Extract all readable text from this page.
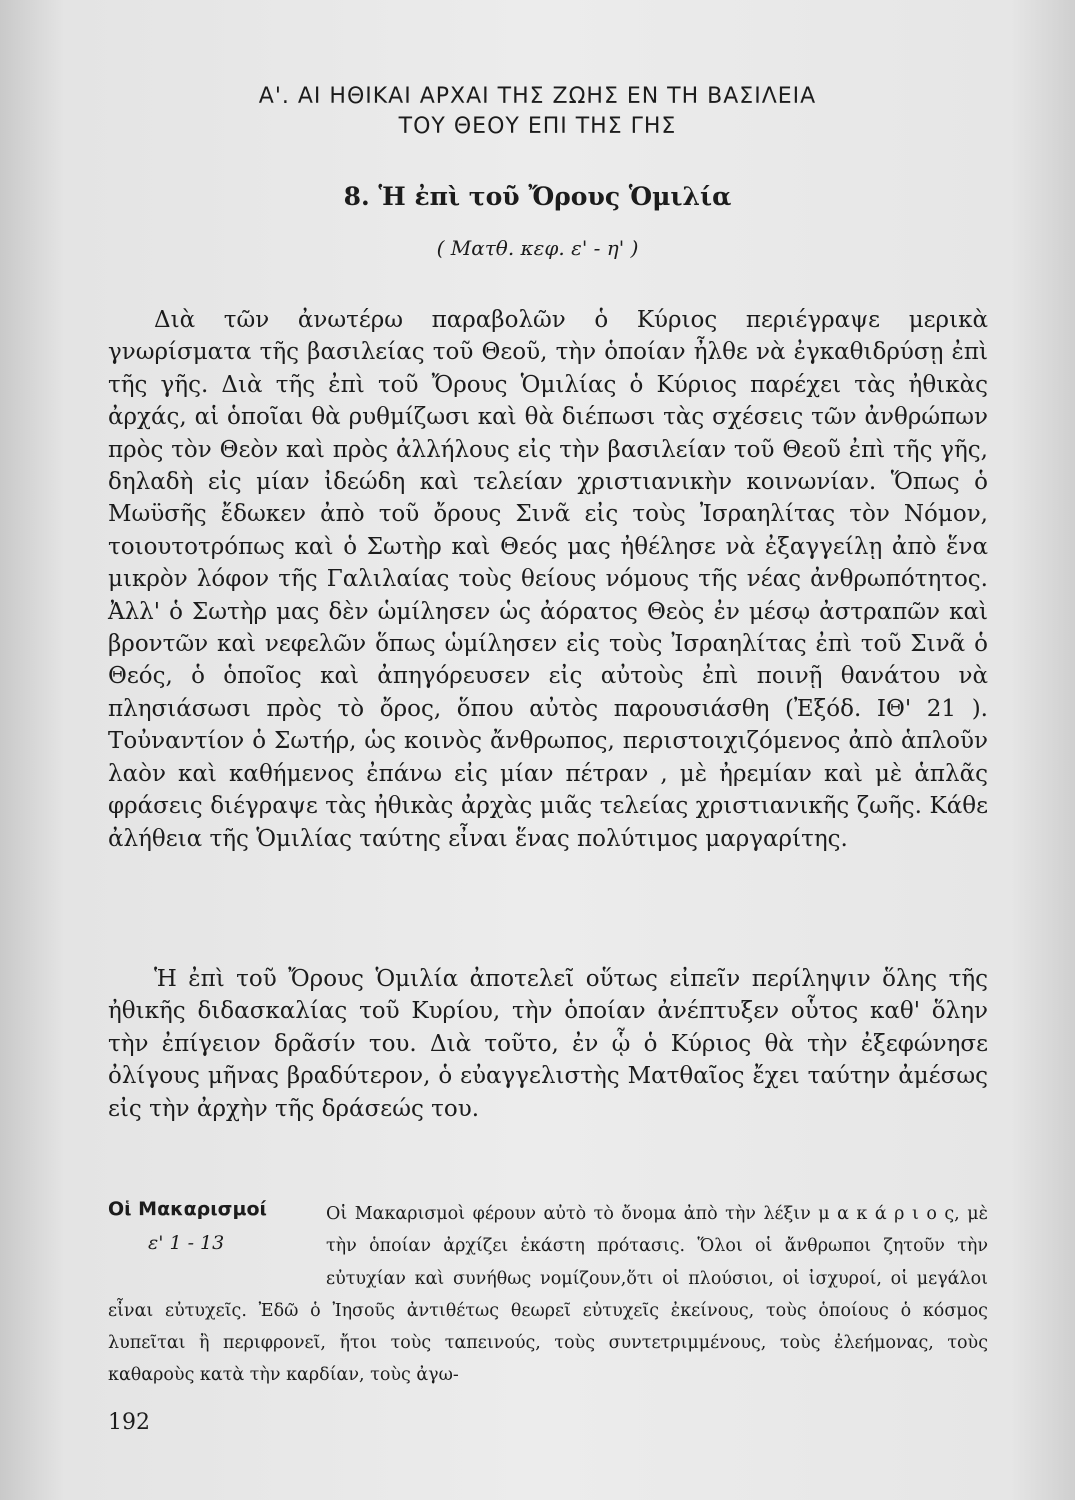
Α'. ΑΙ ΗΘΙΚΑΙ ΑΡΧΑΙ ΤΗΣ ΖΩΗΣ ΕΝ ΤΗ ΒΑΣΙΛΕΙΑ
ΤΟΥ ΘΕΟΥ ΕΠΙ ΤΗΣ ΓΗΣ
8. Ἡ ἐπὶ τοῦ Ὄρους Ὁμιλία
( Ματθ. κεφ. ε' - η' )
Διὰ τῶν ἀνωτέρω παραβολῶν ὁ Κύριος περιέγραψε μερικὰ γνωρίσματα τῆς βασιλείας τοῦ Θεοῦ, τὴν ὁποίαν ἦλθε νὰ ἐγκαθιδρύσῃ ἐπὶ τῆς γῆς. Διὰ τῆς ἐπὶ τοῦ Ὄρους Ὁμιλίας ὁ Κύριος παρέχει τὰς ἠθικὰς ἀρχάς, αἱ ὁποῖαι θὰ ρυθμίζωσι καὶ θὰ διέπωσι τὰς σχέσεις τῶν ἀνθρώπων πρὸς τὸν Θεὸν καὶ πρὸς ἀλλήλους εἰς τὴν βασιλείαν τοῦ Θεοῦ ἐπὶ τῆς γῆς, δηλαδὴ εἰς μίαν ἰδεώδη καὶ τελείαν χριστιανικὴν κοινωνίαν. Ὅπως ὁ Μωϋσῆς ἔδωκεν ἀπὸ τοῦ ὄρους Σινᾶ εἰς τοὺς Ἰσραηλίτας τὸν Νόμον, τοιουτοτρόπως καὶ ὁ Σωτὴρ καὶ Θεός μας ἠθέλησε νὰ ἐξαγγείλῃ ἀπὸ ἕνα μικρὸν λόφον τῆς Γαλιλαίας τοὺς θείους νόμους τῆς νέας ἀνθρωπότητος. Ἀλλ' ὁ Σωτὴρ μας δὲν ὡμίλησεν ὡς ἀόρατος Θεὸς ἐν μέσῳ ἀστραπῶν καὶ βροντῶν καὶ νεφελῶν ὅπως ὡμίλησεν εἰς τοὺς Ἰσραηλίτας ἐπὶ τοῦ Σινᾶ ὁ Θεός, ὁ ὁποῖος καὶ ἀπηγόρευσεν εἰς αὐτοὺς ἐπὶ ποινῇ θανάτου νὰ πλησιάσωσι πρὸς τὸ ὄρος, ὅπου αὐτὸς παρουσιάσθη (Ἐξόδ. ΙΘ' 21 ). Τοὐναντίον ὁ Σωτήρ, ὡς κοινὸς ἄνθρωπος, περιστοιχιζόμενος ἀπὸ ἁπλοῦν λαὸν καὶ καθήμενος ἐπάνω εἰς μίαν πέτραν , μὲ ἠρεμίαν καὶ μὲ ἁπλᾶς φράσεις διέγραψε τὰς ἠθικὰς ἀρχὰς μιᾶς τελείας χριστιανικῆς ζωῆς. Κάθε ἀλήθεια τῆς Ὁμιλίας ταύτης εἶναι ἕνας πολύτιμος μαργαρίτης.
Ἡ ἐπὶ τοῦ Ὄρους Ὁμιλία ἀποτελεῖ οὕτως εἰπεῖν περίληψιν ὅλης τῆς ἠθικῆς διδασκαλίας τοῦ Κυρίου, τὴν ὁποίαν ἀνέπτυξεν οὗτος καθ' ὅλην τὴν ἐπίγειον δρᾶσίν του. Διὰ τοῦτο, ἐν ᾧ ὁ Κύριος θὰ τὴν ἐξεφώνησε ὀλίγους μῆνας βραδύτερον, ὁ εὐαγγελιστὴς Ματθαῖος ἔχει ταύτην ἀμέσως εἰς τὴν ἀρχὴν τῆς δράσεώς του.
Οἱ Μακαρισμοὶ φέρουν αὐτὸ τὸ ὄνομα ἀπὸ τὴν λέξιν μ α κ ά ρ ι ο ς, μὲ τὴν ὁποίαν ἀρχίζει ἑκάστη πρότασις. Ὅλοι οἱ ἄνθρωποι ζητοῦν τὴν εὐτυχίαν καὶ συνήθως νομίζουν,ὅτι οἱ πλούσιοι, οἱ ἰσχυροί, οἱ μεγάλοι εἶναι εὐτυχεῖς. Ἐδῶ ὁ Ἰησοῦς ἀντιθέτως θεωρεῖ εὐτυχεῖς ἐκείνους, τοὺς ὁποίους ὁ κόσμος λυπεῖται ἢ περιφρονεῖ, ἤτοι τοὺς ταπεινούς, τοὺς συντετριμμένους, τοὺς ἐλεήμονας, τοὺς καθαροὺς κατὰ τὴν καρδίαν, τοὺς ἀγω-
Οἱ Μακαρισμοί
ε' 1 - 13
192
